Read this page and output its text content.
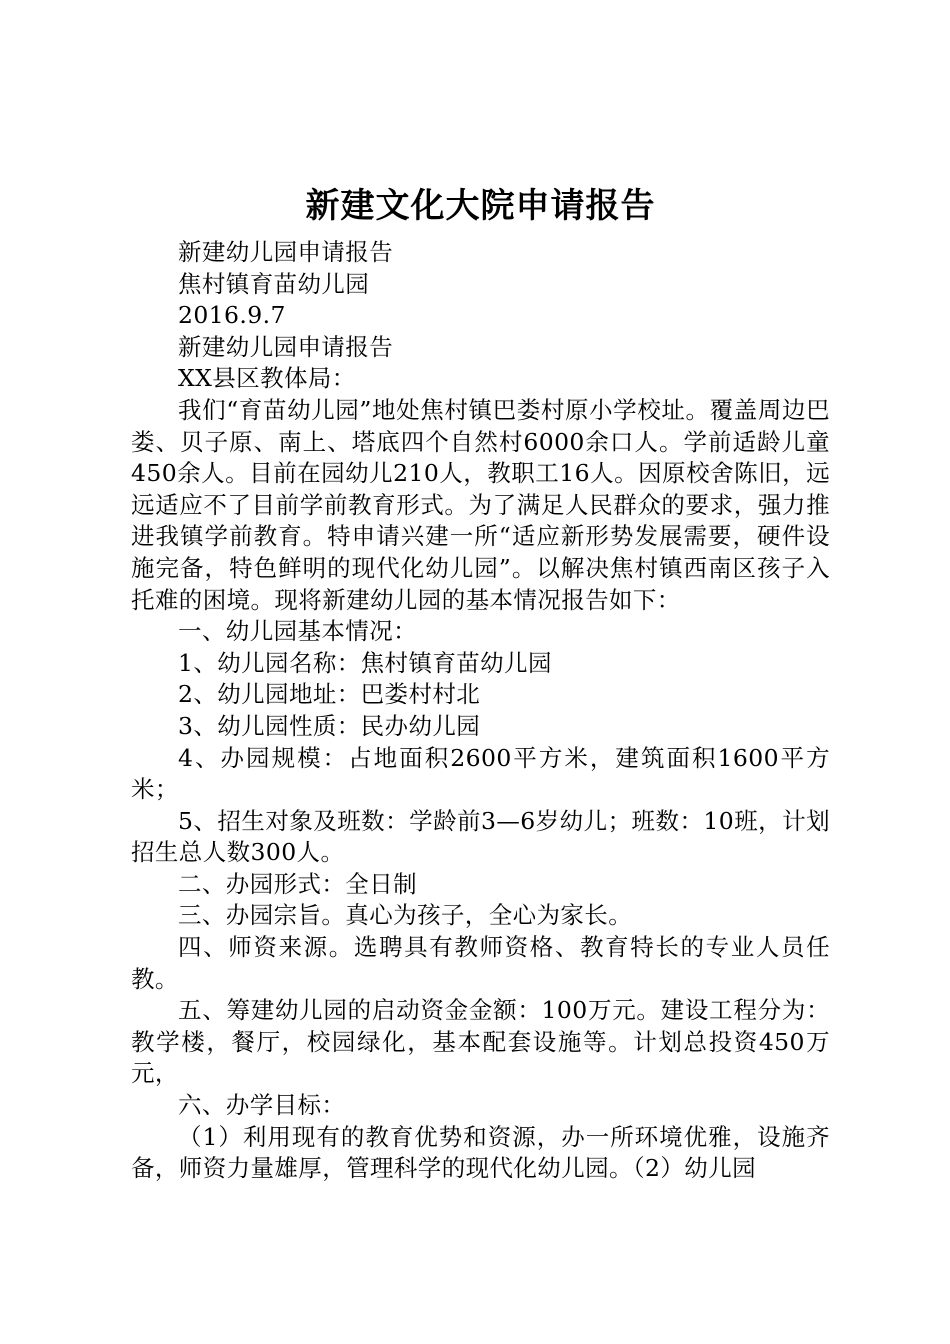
新建文化大院申请报告

新建幼儿园申请报告

焦村镇育苗幼儿园

2016.9.7

新建幼儿园申请报告

XX县区教体局：

我们“育苗幼儿园”地处焦村镇巴娄村原小学校址。覆盖周边巴娄、贝子原、南上、塔底四个自然村6000余口人。学前适龄儿童450余人。目前在园幼儿210人，教职工16人。因原校舍陈旧，远远适应不了目前学前教育形式。为了满足人民群众的要求，强力推进我镇学前教育。特申请兴建一所“适应新形势发展需要，硬件设施完备，特色鲜明的现代化幼儿园”。以解决焦村镇西南区孩子入托难的困境。现将新建幼儿园的基本情况报告如下：

一、幼儿园基本情况：

1、幼儿园名称：焦村镇育苗幼儿园

2、幼儿园地址：巴娄村村北

3、幼儿园性质：民办幼儿园

4、办园规模：占地面积2600平方米，建筑面积1600平方米；

5、招生对象及班数：学龄前3—6岁幼儿；班数：10班，计划招生总人数300人。

二、办园形式：全日制

三、办园宗旨。真心为孩子，全心为家长。

四、师资来源。选聘具有教师资格、教育特长的专业人员任教。

五、筹建幼儿园的启动资金金额：100万元。建设工程分为：教学楼，餐厅，校园绿化，基本配套设施等。计划总投资450万元，

六、办学目标：

（1）利用现有的教育优势和资源，办一所环境优雅，设施齐备，师资力量雄厚，管理科学的现代化幼儿园。（2）幼儿园
